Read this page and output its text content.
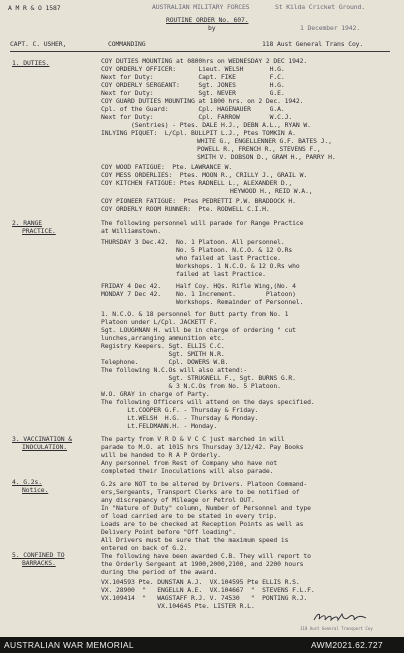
A M R & O 1587	AUSTRALIAN MILITARY FORCES	St Kilda Cricket Ground.
ROUTINE ORDER No. 607.
by	1 December 1942.
CAPT. C. USHER,	COMMANDING	118 Aust General Trans Coy.
1. DUTIES.	COY DUTIES MOUNTING at 0800hrs on WEDNESDAY 2 DEC 1942.
COY ORDERLY OFFICER:      Lieut. WELSH       H.G.
Next for Duty:            Capt. FIKE         F.C.
COY ORDERLY SERGEANT:     Sgt. JONES         H.G.
Next for Duty:            Sgt. NEVER         G.E.
COY GUARD DUTIES MOUNTING at 1800 hrs. on 2 Dec. 1942.
Cpl. of the Guard:        Cpl. HAGENAUER     G.A.
Next for Duty:            Cpl. FARROW        W.C.J.
(Sentries) - Ptes. DALE H.J., DEBN A.L., RYAN W.
INLYING PIQUET:  L/Cpl. BULLPIT L.J., Ptes TOMKIN A.
WHITE G., ENGELLENNER G.F. BATES J.,
POWELL R., FRENCH R., STEVENS F.,
SMITH V. DOBSON D., GRAM H., PARRY H.
COY WOOD FATIGUE:  Pte. LAWRANCE W.
COY MESS ORDERLIES:  Ptes. MOON R., CRILLY J., GRAIL W.
COY KITCHEN FATIGUE: Ptes RADNELL L., ALEXANDER D.,
HEYWOOD H., REID W.A.,
COY PIONEER FATIGUE:  Ptes PEDRETTI P.W. BRADDOCK H.
COY ORDERLY ROOM RUNNER:  Pte. RODWELL C.I.H.
2. RANGE
PRACTICE.
The following personnel will parade for Range Practice
at Williamstown.
THURSDAY 3 Dec.42.  No. 1 Platoon. All personnel.
No. 5 Platoon. N.C.O. & 12 O.Rs
who failed at last Practice.
Workshops. 1 N.C.O. & 12 O.Rs who
failed at last Practice.
FRIDAY 4 Dec 42.    Half Coy. HQs. Rifle Wing,(No. 4
MONDAY 7 Dec 42.    No. 1 Increment.        Platoon)
Workshops. Remainder of Personnel.
1. N.C.O. & 18 personnel for Butt party from No. 1
Platoon under L/Cpl. JACKETT F.
Sgt. LOUGHNAN H. will be in charge of ordering " cut
lunches,arranging ammunition etc.
Registry Keepers. Sgt. ELLIS C.C.
Sgt. SMITH N.R.
Telephone.        Cpl. DOWERS W.B.
The following N.C.Os will also attend:-
Sgt. STRUGNELL F., Sgt. BURNS G.R.
& 3 N.C.Os from No. 5 Platoon.
W.O. GRAY in charge of Party.
The following Officers will attend on the days specified.
Lt.COOPER G.F. - Thursday & Friday.
Lt.WELSH  H.G. - Thursday & Monday.
Lt.FELDMANN.H. - Monday.
3. VACCINATION &
INOCULATION.
The party from V R D & V C C just marched in will
parade to M.O. at 1015 hrs Thursday 3/12/42. Pay Books
will be handed to R A P Orderly.
Any personnel from Rest of Company who have not
completed their Inoculations will also parade.
4. G.2s.
Notice.
G.2s are NOT to be altered by Drivers. Platoon Command-
ers,Sergeants, Transport Clerks are to be notified of
any discrepancy of Mileage or Petrol OUT.
In "Nature of Duty" column, Number of Personnel and type
of load carried are to be stated in every trip.
Loads are to be checked at Reception Points as well as
Delivery Point before "Off loading".
All Drivers must be sure that the maximum speed is
entered on back of G.2.
5. CONFINED TO
BARRACKS.
The following have been awarded C.B. They will report to
the Orderly Sergeant at 1900,2000,2100, and 2200 hours
during the period of the award.
VX.104593 Pte. DUNSTAN A.J.  VX.104595 Pte ELLIS R.S.
VX. 28900  "   ENGELLN A.E.  VX.104667  "  STEVENS F.L.F.
VX.109414  "   WAGSTAFF R.J. V. 74530   "  PONTING R.J.
VX.104645 Pte. LISTER R.L.
118 Aust General Transport Coy
AUSTRALIAN WAR MEMORIAL	AWM2021.62.727
